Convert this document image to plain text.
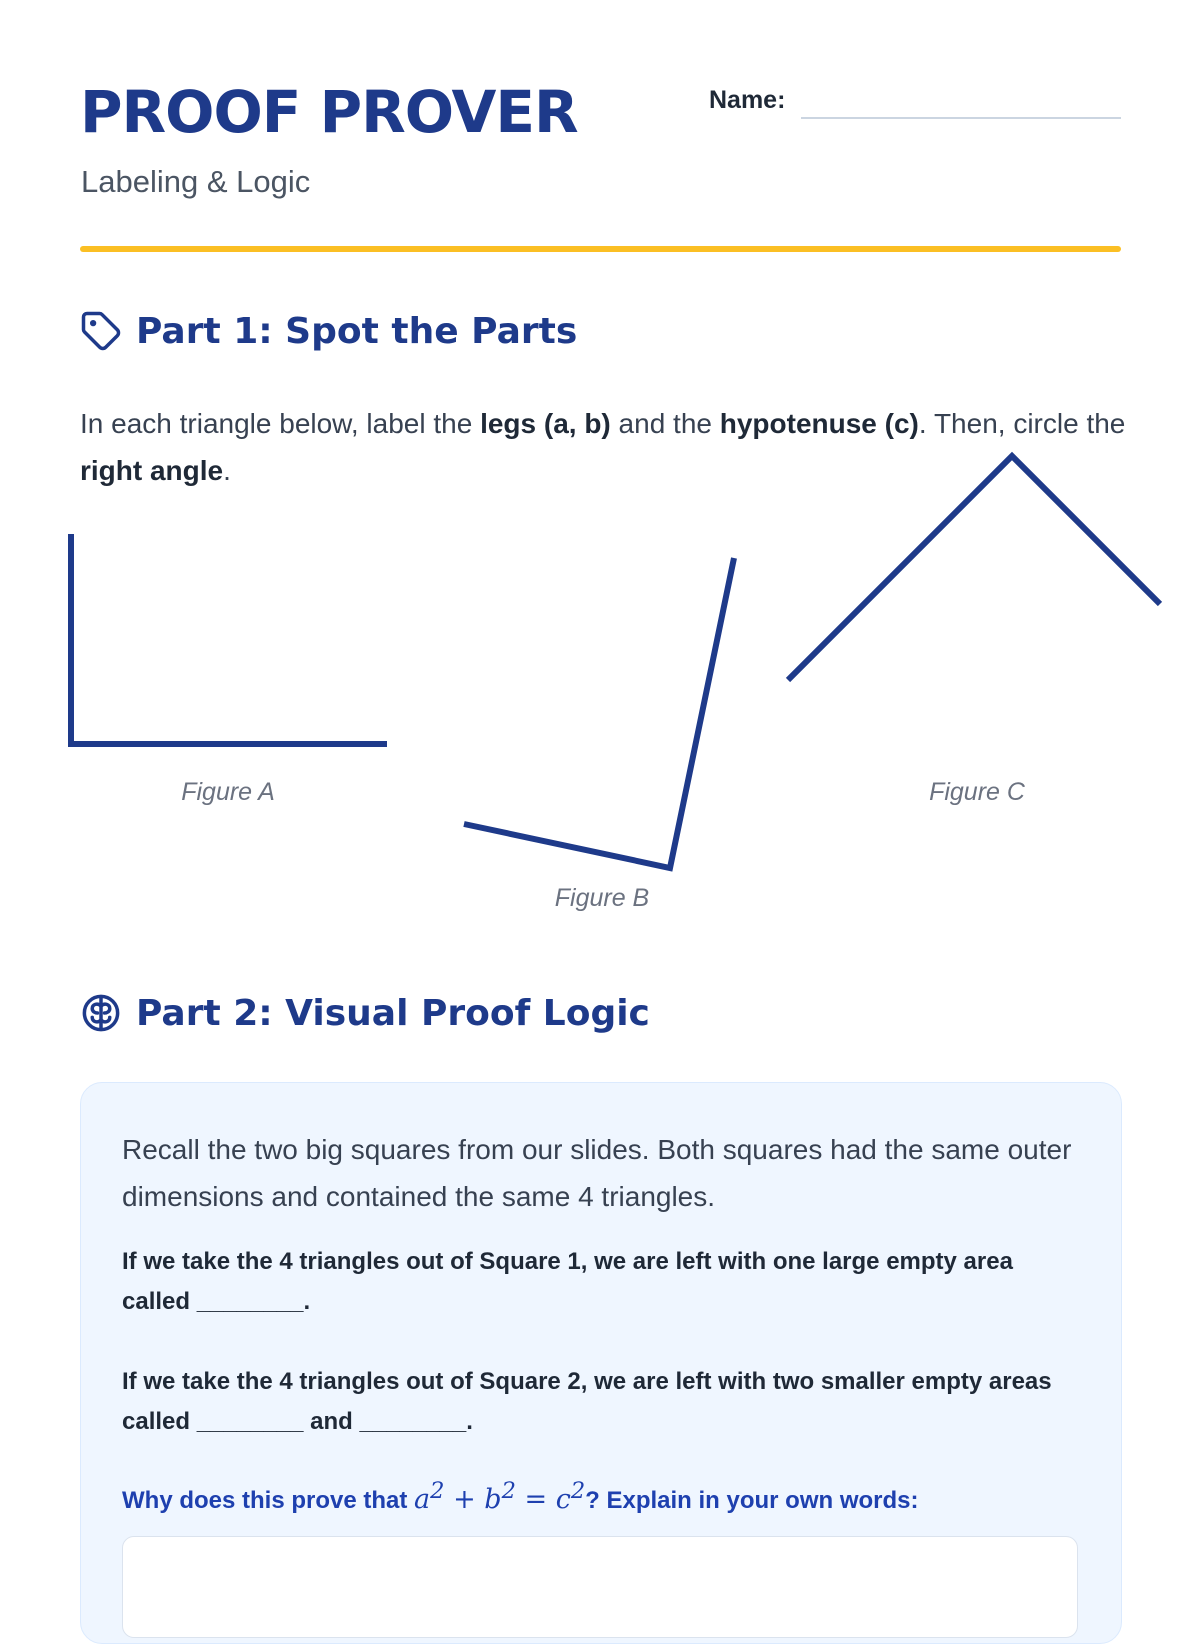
PROOF PROVER
Labeling & Logic
Name:
Part 1: Spot the Parts

In each triangle below, label the legs (a, b) and the hypotenuse (c). Then, circle the right angle.

Figure A
Figure B
Figure C
Part 2: Visual Proof Logic

Recall the two big squares from our slides. Both squares had the same outer dimensions and contained the same 4 triangles.

If we take the 4 triangles out of Square 1, we are left with one large empty area called ________.

If we take the 4 triangles out of Square 2, we are left with two smaller empty areas called ________ and ________.

Why does this prove that $a^2 + b^2 = c^2$? Explain in your own words:
